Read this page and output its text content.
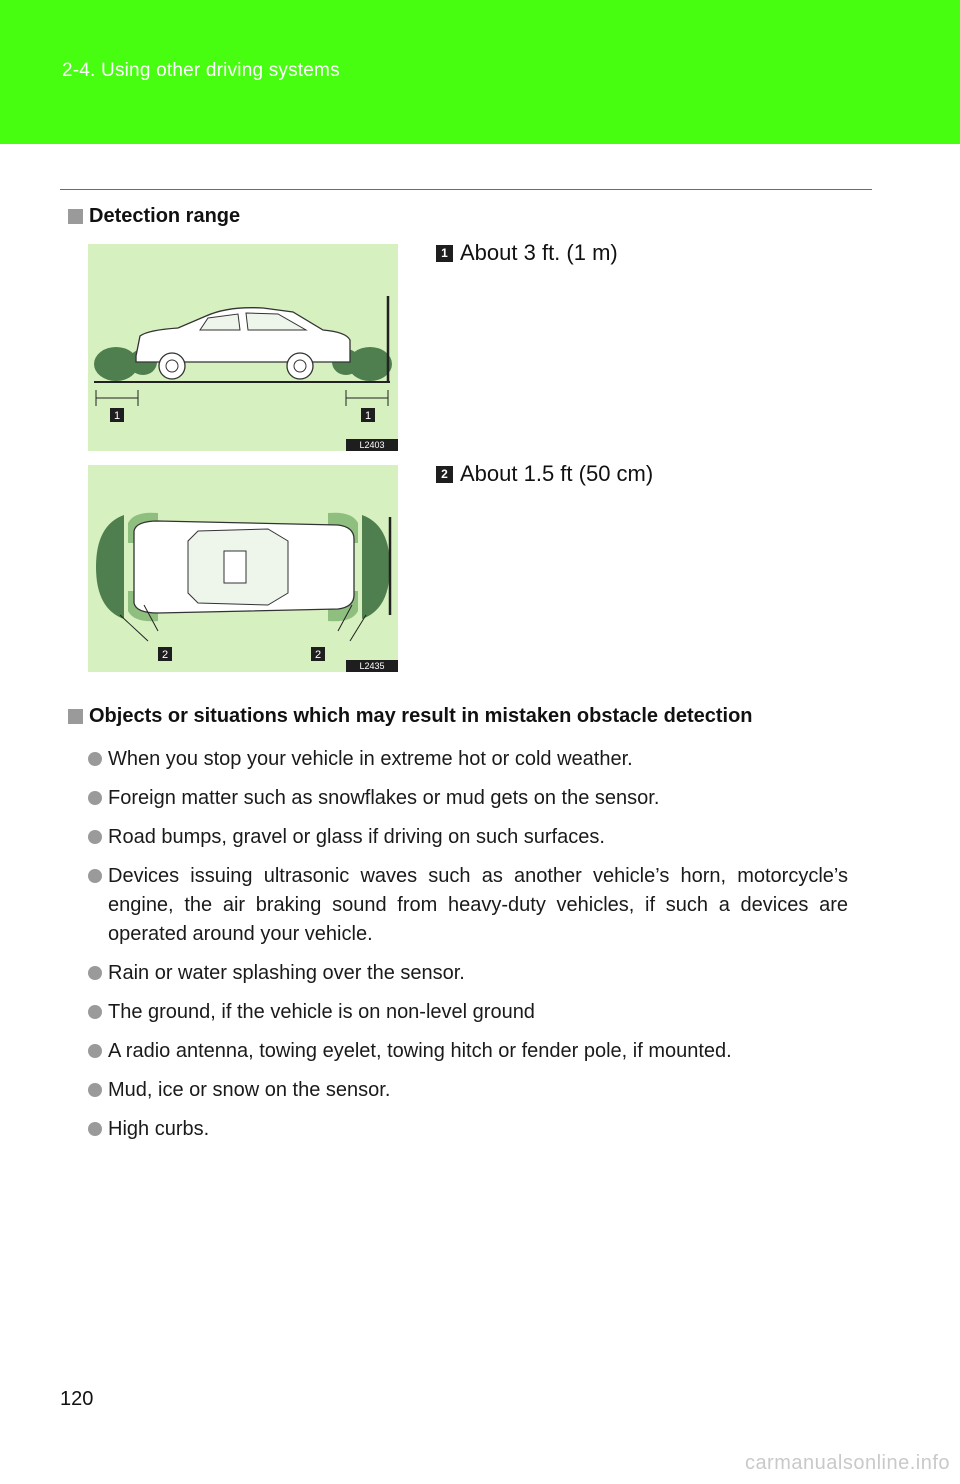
2-4. Using other driving systems
Detection range
1	1
L2403
1 About 3 ft. (1 m)
2	2
L2435
2 About 1.5 ft (50 cm)
Objects or situations which may result in mistaken obstacle detection
When you stop your vehicle in extreme hot or cold weather.
Foreign matter such as snowflakes or mud gets on the sensor.
Road bumps, gravel or glass if driving on such surfaces.
Devices issuing ultrasonic waves such as another vehicle’s horn, motorcycle’s engine, the air braking sound from heavy-duty vehicles, if such a devices are operated around your vehicle.
Rain or water splashing over the sensor.
The ground, if the vehicle is on non-level ground
A radio antenna, towing eyelet, towing hitch or fender pole, if mounted.
Mud, ice or snow on the sensor.
High curbs.
120
carmanualsonline.info
